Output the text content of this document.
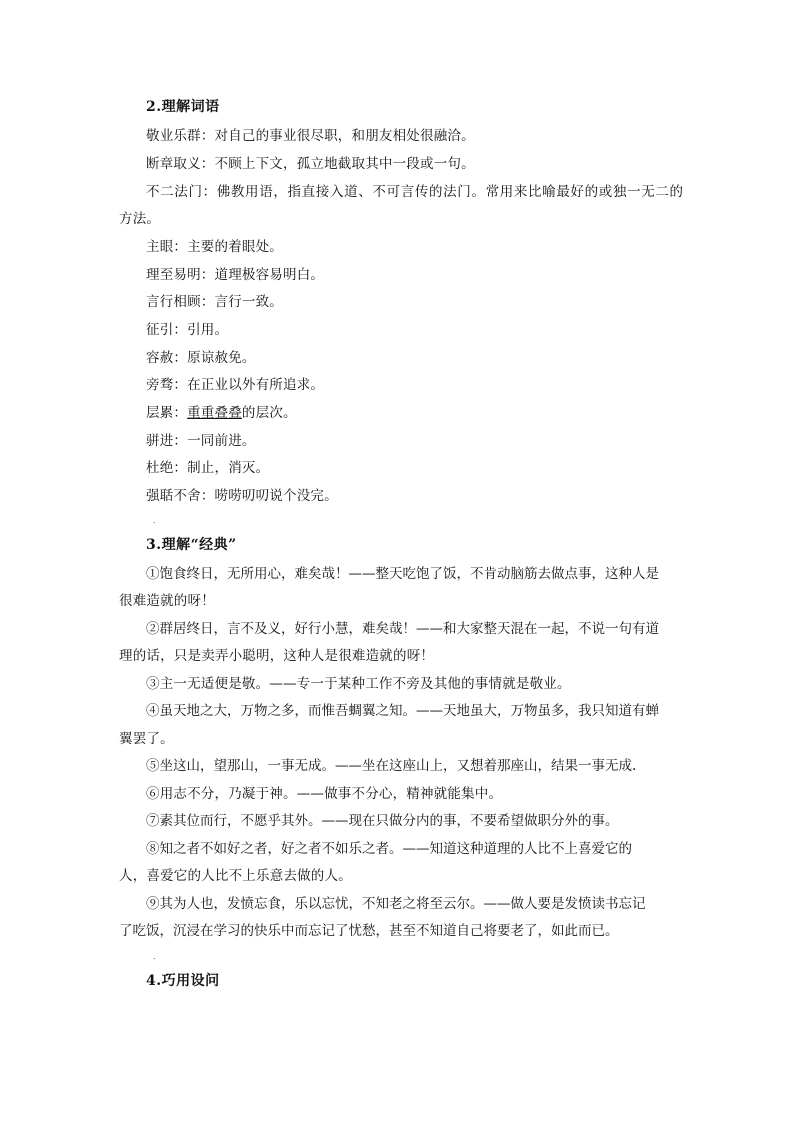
2.理解词语
敬业乐群：对自己的事业很尽职，和朋友相处很融洽。
断章取义：不顾上下文，孤立地截取其中一段或一句。
不二法门：佛教用语，指直接入道、不可言传的法门。常用来比喻最好的或独一无二的
方法。
主眼：主要的着眼处。
理至易明：道理极容易明白。
言行相顾：言行一致。
征引：引用。
容赦：原谅赦免。
旁骛：在正业以外有所追求。
层累：重重叠叠的层次。
骈进：一同前进。
杜绝：制止，消灭。
强聒不舍：唠唠叨叨说个没完。
.
3.理解“经典”
①饱食终日，无所用心，难矣哉！——整天吃饱了饭，不肯动脑筋去做点事，这种人是
很难造就的呀！
②群居终日，言不及义，好行小慧，难矣哉！——和大家整天混在一起，不说一句有道
理的话，只是卖弄小聪明，这种人是很难造就的呀！
③主一无适便是敬。——专一于某种工作不旁及其他的事情就是敬业。
④虽天地之大，万物之多，而惟吾蜩翼之知。——天地虽大，万物虽多，我只知道有蝉
翼罢了。
⑤坐这山，望那山，一事无成。——坐在这座山上，又想着那座山，结果一事无成.
⑥用志不分，乃凝于神。——做事不分心，精神就能集中。
⑦素其位而行，不愿乎其外。——现在只做分内的事，不要希望做职分外的事。
⑧知之者不如好之者，好之者不如乐之者。——知道这种道理的人比不上喜爱它的
人，喜爱它的人比不上乐意去做的人。
⑨其为人也，发愤忘食，乐以忘忧，不知老之将至云尔。——做人要是发愤读书忘记
了吃饭，沉浸在学习的快乐中而忘记了忧愁，甚至不知道自己将要老了，如此而已。
.
4.巧用设问
